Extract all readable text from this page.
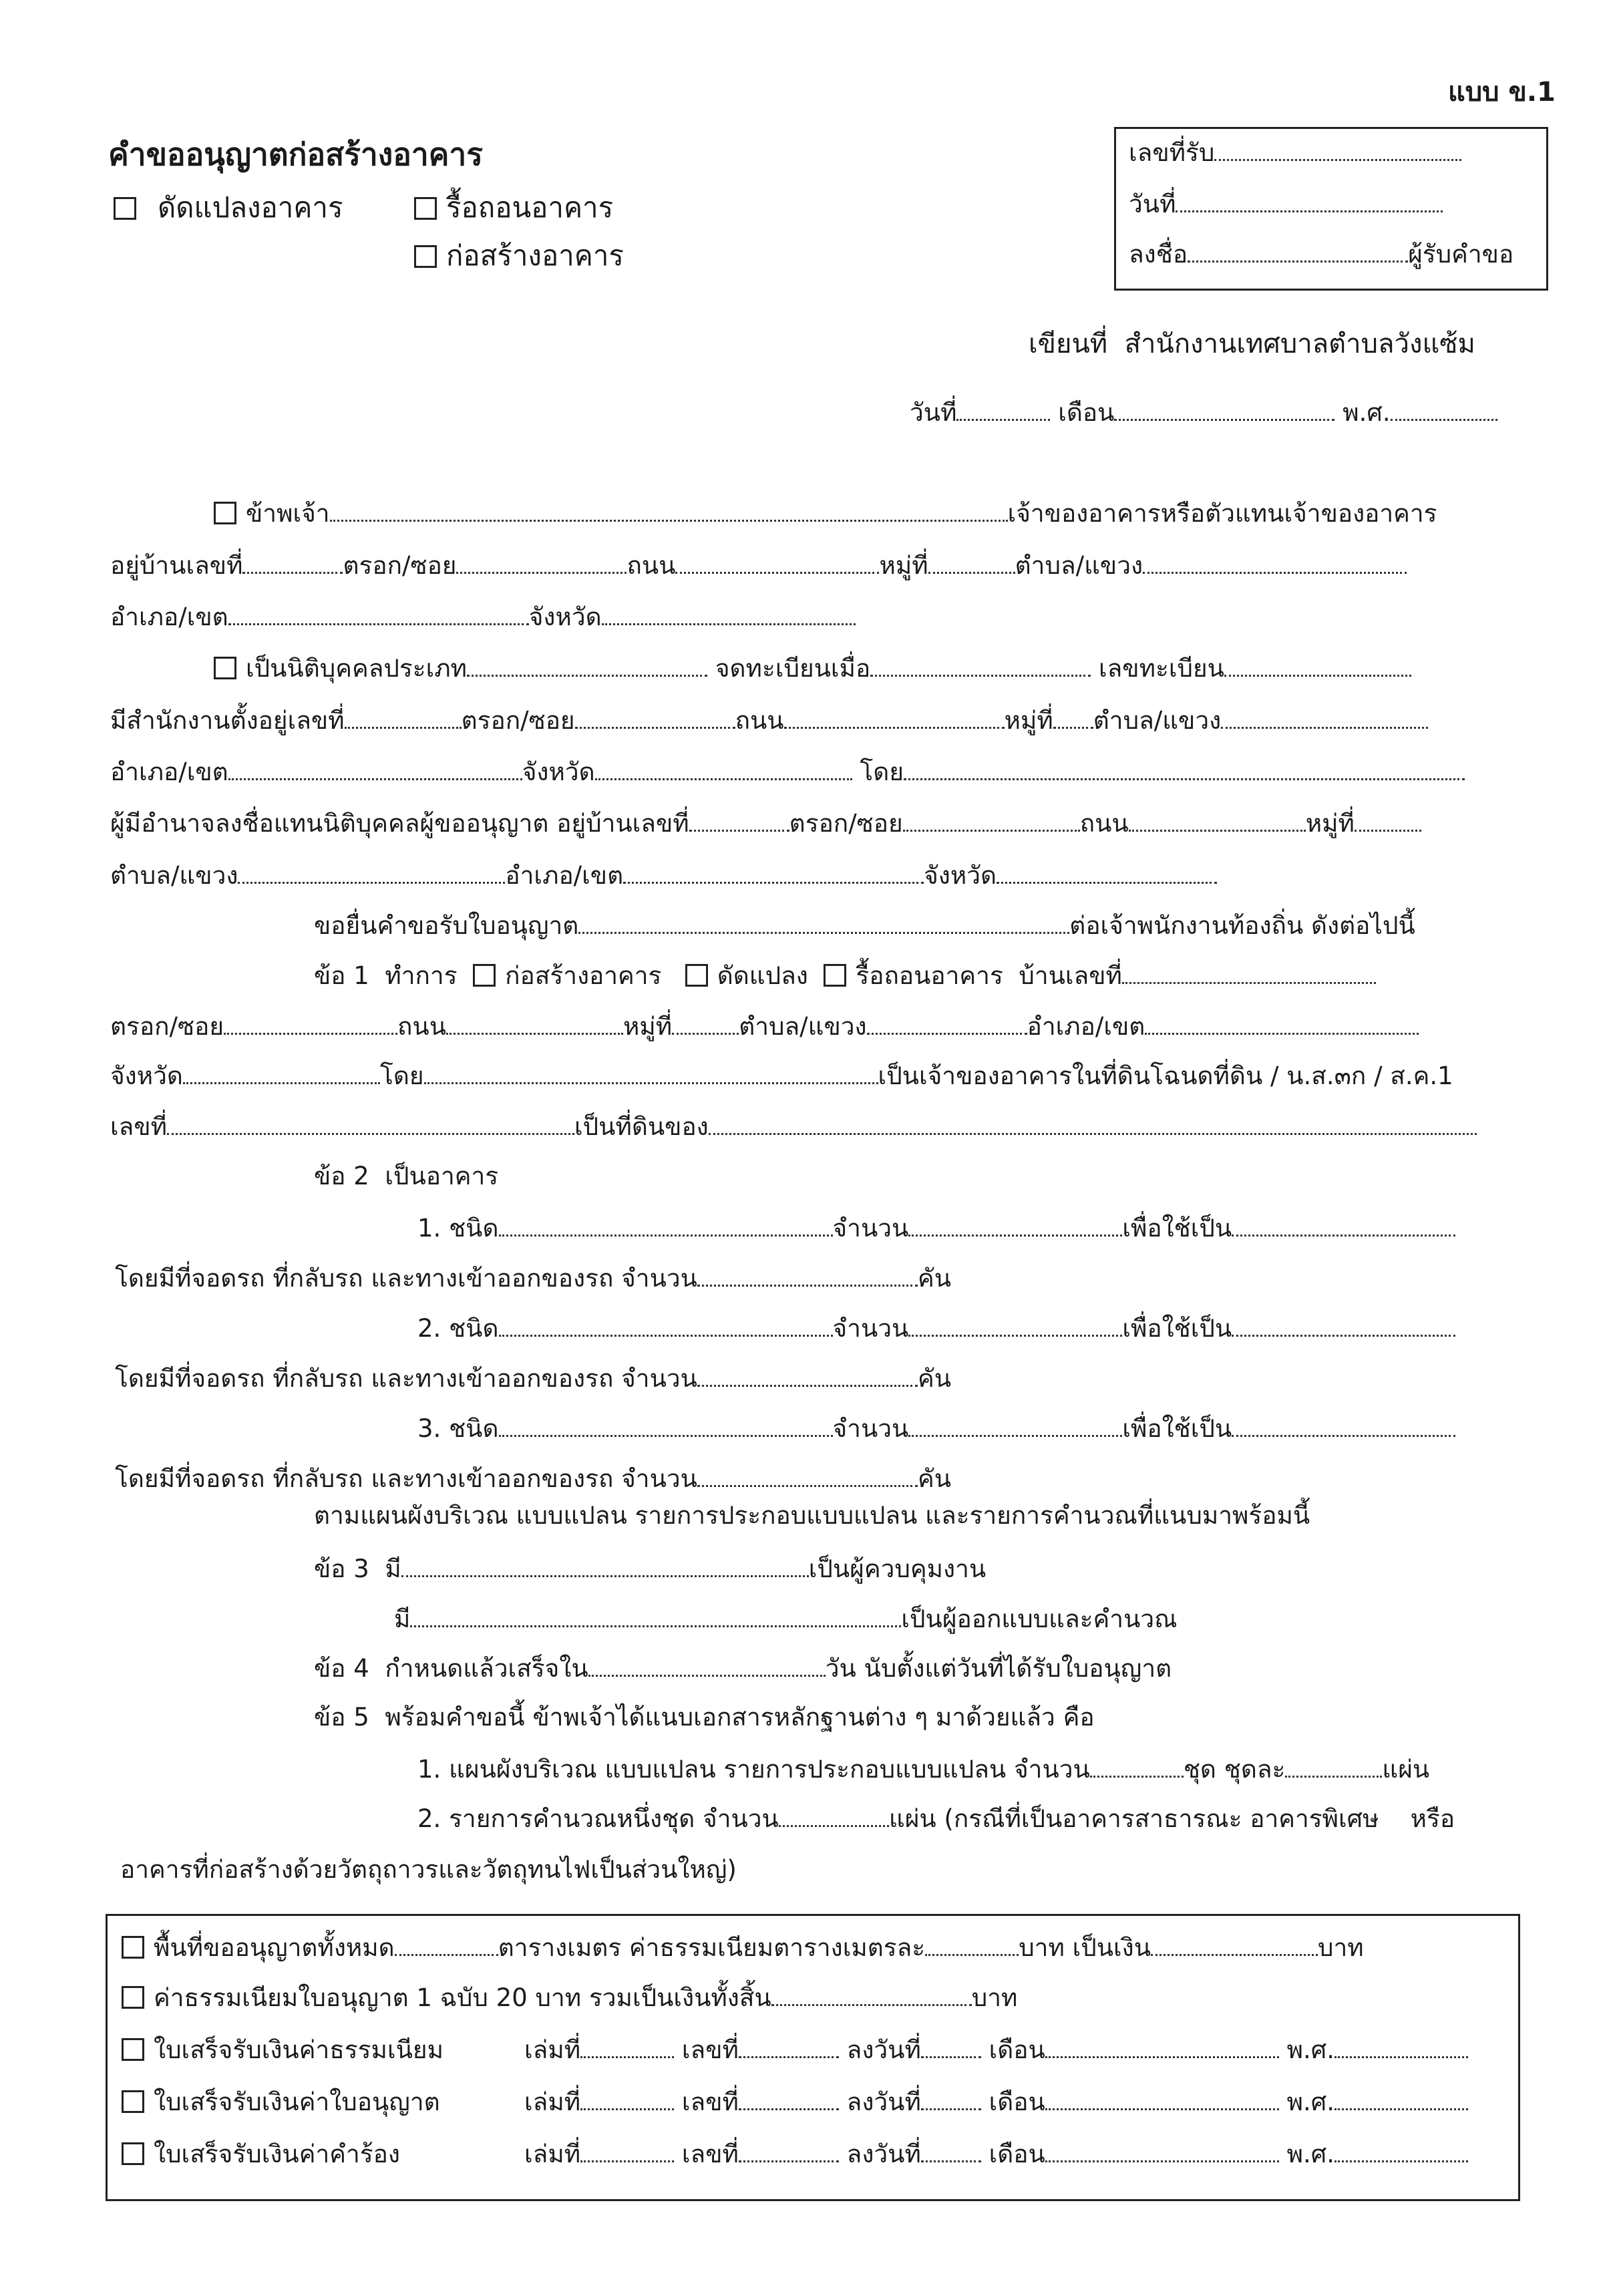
แบบ ข.1
คำขออนุญาตก่อสร้างอาคาร
ดัดแปลงอาคาร	รื้อถอนอาคาร
ก่อสร้างอาคาร
เลขที่รับ
วันที่
ลงชื่อ	ผู้รับคำขอ
เขียนที่ สำนักงานเทศบาลตำบลวังแซ้ม
วันที่	เดือน	พ.ศ.
ข้าพเจ้า	เจ้าของอาคารหรือตัวแทนเจ้าของอาคาร
อยู่บ้านเลขที่	ตรอก/ซอย	ถนน	หมู่ที่	ตำบล/แขวง
อำเภอ/เขต	จังหวัด
เป็นนิติบุคคลประเภท	จดทะเบียนเมื่อ	เลขทะเบียน
มีสำนักงานตั้งอยู่เลขที่	ตรอก/ซอย	ถนน	หมู่ที่ ตำบล/แขวง
อำเภอ/เขต	จังหวัด	โดย
ผู้มีอำนาจลงชื่อแทนนิติบุคคลผู้ขออนุญาต อยู่บ้านเลขที่	ตรอก/ซอย	ถนน	หมู่ที่
ตำบล/แขวง	อำเภอ/เขต	จังหวัด
ขอยื่นคำขอรับใบอนุญาต	ต่อเจ้าพนักงานท้องถิ่น ดังต่อไปนี้
ข้อ 1 ทำการ ก่อสร้างอาคาร ดัดแปลง รื้อถอนอาคาร บ้านเลขที่
ตรอก/ซอย	ถนน	หมู่ที่	ตำบล/แขวง	อำเภอ/เขต
จังหวัด	โดย	เป็นเจ้าของอาคารในที่ดินโฉนดที่ดิน / น.ส.๓ก / ส.ค.1
เลขที่	เป็นที่ดินของ
ข้อ 2 เป็นอาคาร
1. ชนิด	จำนวน	เพื่อใช้เป็น
โดยมีที่จอดรถ ที่กลับรถ และทางเข้าออกของรถ จำนวน	คัน
2. ชนิด	จำนวน	เพื่อใช้เป็น
โดยมีที่จอดรถ ที่กลับรถ และทางเข้าออกของรถ จำนวน	คัน
3. ชนิด	จำนวน	เพื่อใช้เป็น
โดยมีที่จอดรถ ที่กลับรถ และทางเข้าออกของรถ จำนวน	คัน
ตามแผนผังบริเวณ แบบแปลน รายการประกอบแบบแปลน และรายการคำนวณที่แนบมาพร้อมนี้
ข้อ 3 มี	เป็นผู้ควบคุมงาน
มี	เป็นผู้ออกแบบและคำนวณ
ข้อ 4 กำหนดแล้วเสร็จใน	วัน นับตั้งแต่วันที่ได้รับใบอนุญาต
ข้อ 5 พร้อมคำขอนี้ ข้าพเจ้าได้แนบเอกสารหลักฐานต่าง ๆ มาด้วยแล้ว คือ
1. แผนผังบริเวณ แบบแปลน รายการประกอบแบบแปลน จำนวน	ชุด ชุดละ	แผ่น
2. รายการคำนวณหนึ่งชุด จำนวน	แผ่น (กรณีที่เป็นอาคารสาธารณะ อาคารพิเศษ หรือ
อาคารที่ก่อสร้างด้วยวัตถุถาวรและวัตถุทนไฟเป็นส่วนใหญ่)
พื้นที่ขออนุญาตทั้งหมด	ตารางเมตร ค่าธรรมเนียมตารางเมตรละ	บาท เป็นเงิน	บาท
ค่าธรรมเนียมใบอนุญาต 1 ฉบับ 20 บาท รวมเป็นเงินทั้งสิ้น	บาท
ใบเสร็จรับเงินค่าธรรมเนียม	เล่มที่	เลขที่	ลงวันที่	เดือน	พ.ศ.
ใบเสร็จรับเงินค่าใบอนุญาต	เล่มที่	เลขที่	ลงวันที่	เดือน	พ.ศ.
ใบเสร็จรับเงินค่าคำร้อง	เล่มที่	เลขที่	ลงวันที่	เดือน	พ.ศ.
